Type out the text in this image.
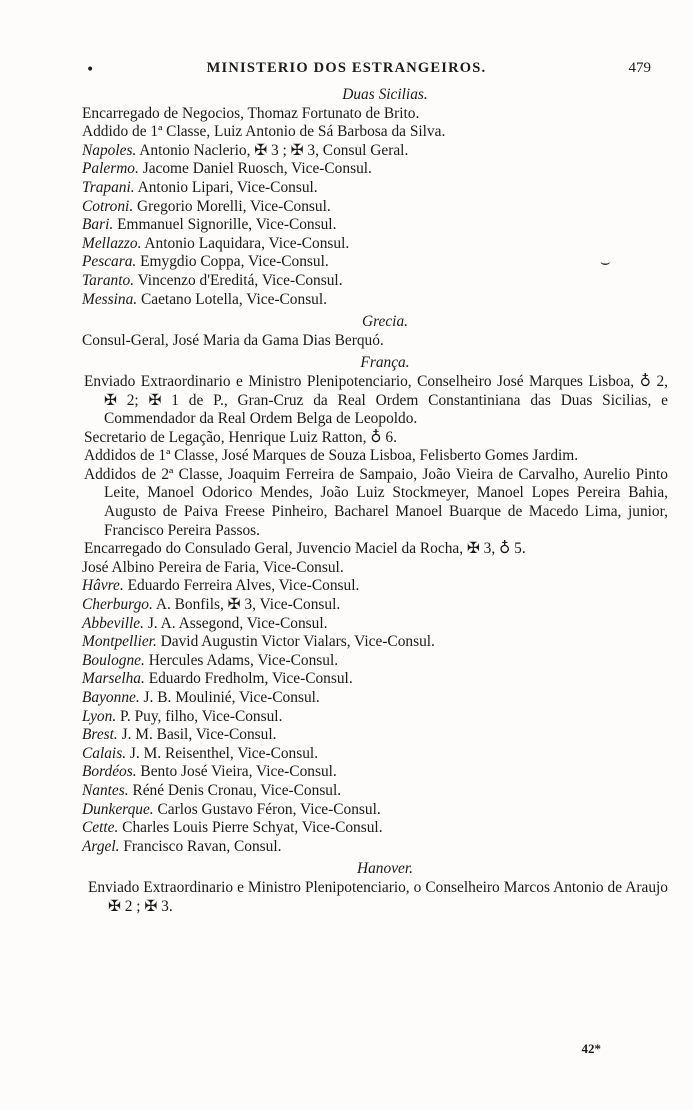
•	MINISTERIO DOS ESTRANGEIROS.	479

Duas Sicilias.

Encarregado de Negocios, Thomaz Fortunato de Brito.

Addido de 1ª Classe, Luiz Antonio de Sá Barbosa da Silva.

Napoles. Antonio Naclerio, ✠ 3 ; ✠ 3, Consul Geral.

Palermo. Jacome Daniel Ruosch, Vice-Consul.

Trapani. Antonio Lipari, Vice-Consul.

Cotroni. Gregorio Morelli, Vice-Consul.

Bari. Emmanuel Signorille, Vice-Consul.

Mellazzo. Antonio Laquidara, Vice-Consul.

Pescara. Emygdio Coppa, Vice-Consul.

Taranto. Vincenzo d'Ereditá, Vice-Consul.

Messina. Caetano Lotella, Vice-Consul.

Grecia.

Consul-Geral, José Maria da Gama Dias Berquó.

França.

Enviado Extraordinario e Ministro Plenipotenciario, Conselheiro José Marques Lisboa, ♁ 2, ✠ 2; ✠ 1 de P., Gran-Cruz da Real Ordem Constantiniana das Duas Sicilias, e Commendador da Real Ordem Belga de Leopoldo.

Secretario de Legação, Henrique Luiz Ratton, ♁ 6.

Addidos de 1ª Classe, José Marques de Souza Lisboa, Felisberto Gomes Jardim.

Addidos de 2ª Classe, Joaquim Ferreira de Sampaio, João Vieira de Carvalho, Aurelio Pinto Leite, Manoel Odorico Mendes, João Luiz Stockmeyer, Manoel Lopes Pereira Bahia, Augusto de Paiva Freese Pinheiro, Bacharel Manoel Buarque de Macedo Lima, junior, Francisco Pereira Passos.

Encarregado do Consulado Geral, Juvencio Maciel da Rocha, ✠ 3, ♁ 5.

José Albino Pereira de Faria, Vice-Consul.

Hâvre. Eduardo Ferreira Alves, Vice-Consul.

Cherburgo. A. Bonfils, ✠ 3, Vice-Consul.

Abbeville. J. A. Assegond, Vice-Consul.

Montpellier. David Augustin Victor Vialars, Vice-Consul.

Boulogne. Hercules Adams, Vice-Consul.

Marselha. Eduardo Fredholm, Vice-Consul.

Bayonne. J. B. Moulinié, Vice-Consul.

Lyon. P. Puy, filho, Vice-Consul.

Brest. J. M. Basil, Vice-Consul.

Calais. J. M. Reisenthel, Vice-Consul.

Bordéos. Bento José Vieira, Vice-Consul.

Nantes. Réné Denis Cronau, Vice-Consul.

Dunkerque. Carlos Gustavo Féron, Vice-Consul.

Cette. Charles Louis Pierre Schyat, Vice-Consul.

Argel. Francisco Ravan, Consul.

Hanover.

Enviado Extraordinario e Ministro Plenipotenciario, o Conselheiro Marcos Antonio de Araujo ✠ 2 ; ✠ 3.

⌣
42*
